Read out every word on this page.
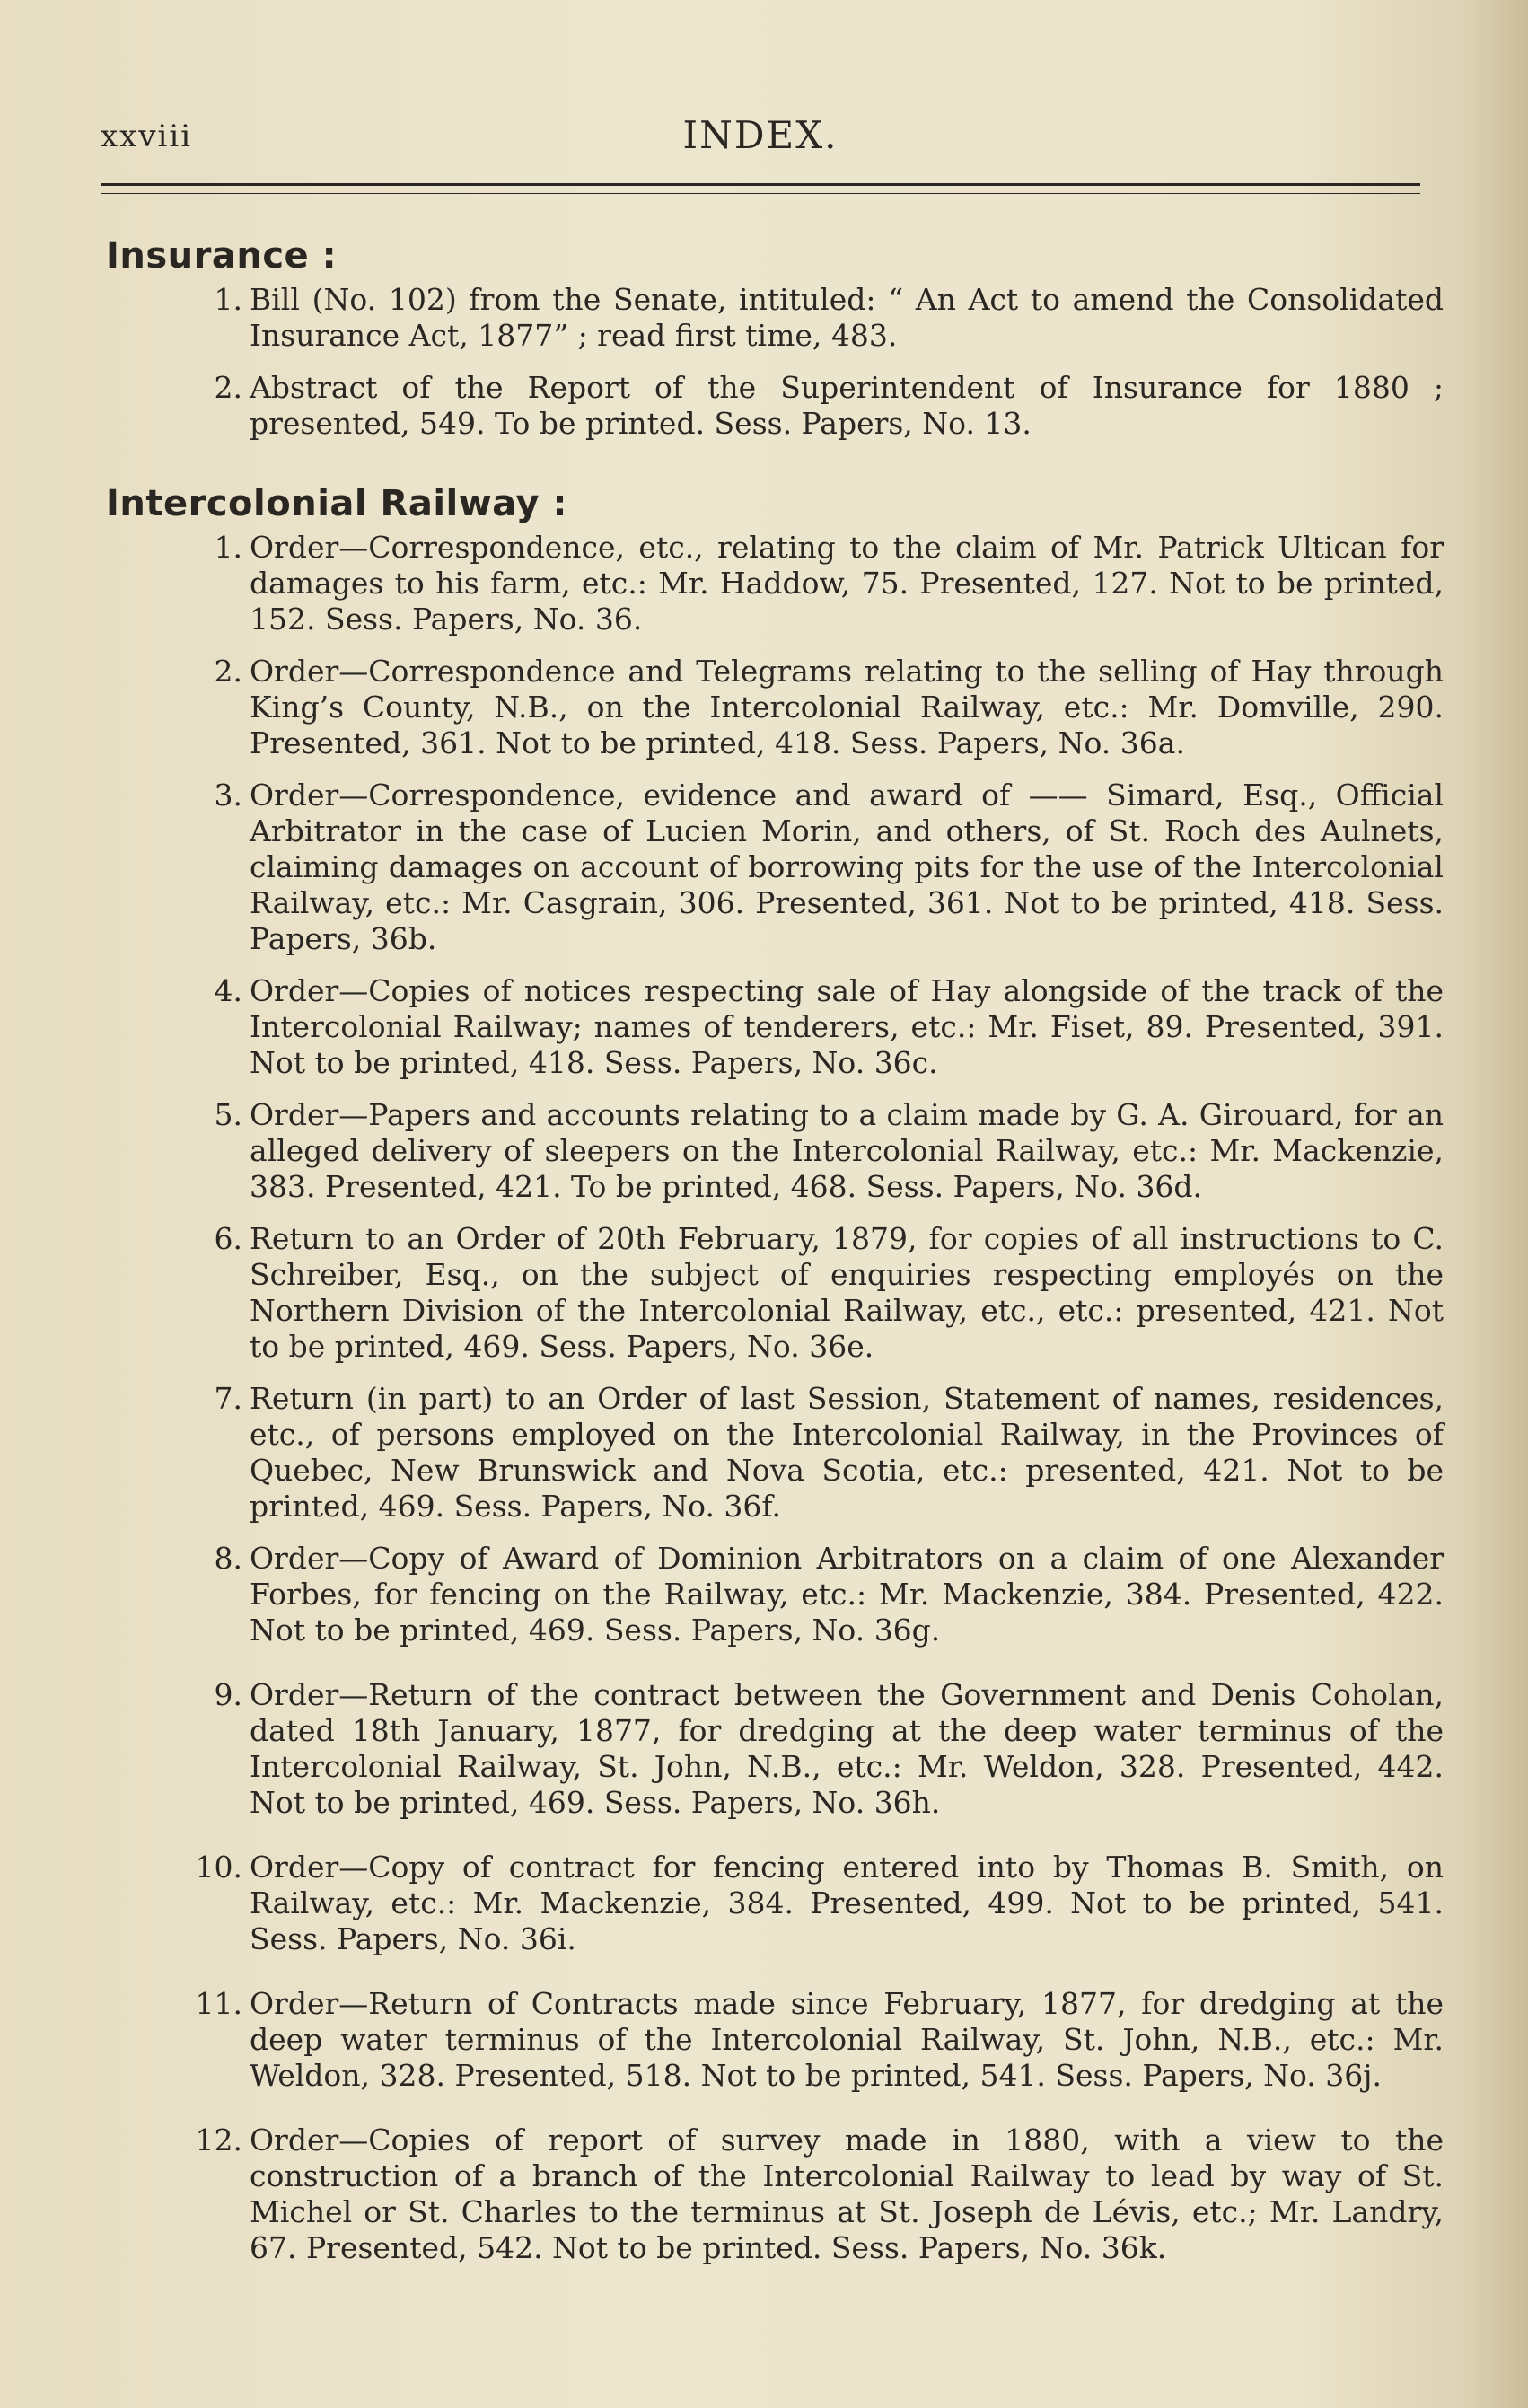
xxviii	INDEX.
Insurance :
1. Bill (No. 102) from the Senate, intituled: “ An Act to amend the Consolidated Insurance Act, 1877” ; read first time, 483.
2. Abstract of the Report of the Superintendent of Insurance for 1880 ; presented, 549. To be printed. Sess. Papers, No. 13.
Intercolonial Railway :
1. Order—Correspondence, etc., relating to the claim of Mr. Patrick Ultican for damages to his farm, etc.: Mr. Haddow, 75. Presented, 127. Not to be printed, 152. Sess. Papers, No. 36.
2. Order—Correspondence and Telegrams relating to the selling of Hay through King’s County, N.B., on the Intercolonial Railway, etc.: Mr. Domville, 290. Presented, 361. Not to be printed, 418. Sess. Papers, No. 36a.
3. Order—Correspondence, evidence and award of —— Simard, Esq., Official Arbitrator in the case of Lucien Morin, and others, of St. Roch des Aulnets, claiming damages on account of borrowing pits for the use of the Intercolonial Railway, etc.: Mr. Casgrain, 306. Presented, 361. Not to be printed, 418. Sess. Papers, 36b.
4. Order—Copies of notices respecting sale of Hay alongside of the track of the Intercolonial Railway; names of tenderers, etc.: Mr. Fiset, 89. Presented, 391. Not to be printed, 418. Sess. Papers, No. 36c.
5. Order—Papers and accounts relating to a claim made by G. A. Girouard, for an alleged delivery of sleepers on the Intercolonial Railway, etc.: Mr. Mackenzie, 383. Presented, 421. To be printed, 468. Sess. Papers, No. 36d.
6. Return to an Order of 20th February, 1879, for copies of all instructions to C. Schreiber, Esq., on the subject of enquiries respecting employés on the Northern Division of the Intercolonial Railway, etc., etc.: presented, 421. Not to be printed, 469. Sess. Papers, No. 36e.
7. Return (in part) to an Order of last Session, Statement of names, residences, etc., of persons employed on the Intercolonial Railway, in the Provinces of Quebec, New Brunswick and Nova Scotia, etc.: presented, 421. Not to be printed, 469. Sess. Papers, No. 36f.
8. Order—Copy of Award of Dominion Arbitrators on a claim of one Alexander Forbes, for fencing on the Railway, etc.: Mr. Mackenzie, 384. Presented, 422. Not to be printed, 469. Sess. Papers, No. 36g.
9. Order—Return of the contract between the Government and Denis Coholan, dated 18th January, 1877, for dredging at the deep water terminus of the Intercolonial Railway, St. John, N.B., etc.: Mr. Weldon, 328. Presented, 442. Not to be printed, 469. Sess. Papers, No. 36h.
10. Order—Copy of contract for fencing entered into by Thomas B. Smith, on Railway, etc.: Mr. Mackenzie, 384. Presented, 499. Not to be printed, 541. Sess. Papers, No. 36i.
11. Order—Return of Contracts made since February, 1877, for dredging at the deep water terminus of the Intercolonial Railway, St. John, N.B., etc.: Mr. Weldon, 328. Presented, 518. Not to be printed, 541. Sess. Papers, No. 36j.
12. Order—Copies of report of survey made in 1880, with a view to the construction of a branch of the Intercolonial Railway to lead by way of St. Michel or St. Charles to the terminus at St. Joseph de Lévis, etc.; Mr. Landry, 67. Presented, 542. Not to be printed. Sess. Papers, No. 36k.
